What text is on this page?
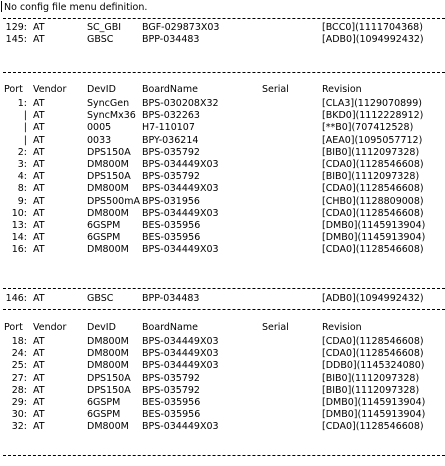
No config file menu definition.
129: AT	SC_GBI BGF-029873X03	[BCC0](1111704368)
145: AT	GBSC	BPP-034483	[ADB0](1094992432)
Port Vendor DevID	BoardName	Serial	Revision
1: AT	SyncGen BPS-030208X32	[CLA3](1129070899)
| AT	SyncMx36 BPS-032263	[BKD0](1112228912)
| AT	0005	H7-110107	[**B0](707412528)
| AT	0033	BPY-036214	[AEA0](1095057712)
2: AT	DPS150A BPS-035792	[BIB0](1112097328)
3: AT	DM800M BPS-034449X03	[CDA0](1128546608)
4: AT	DPS150A BPS-035792	[BIB0](1112097328)
8: AT	DM800M BPS-034449X03	[CDA0](1128546608)
9: AT	DPS500mA BPS-031956	[CHB0](1128809008)
10: AT	DM800M BPS-034449X03	[CDA0](1128546608)
13: AT	6GSPM BES-035956	[DMB0](1145913904)
14: AT	6GSPM BES-035956	[DMB0](1145913904)
16: AT	DM800M BPS-034449X03	[CDA0](1128546608)
146: AT	GBSC	BPP-034483	[ADB0](1094992432)
Port Vendor DevID	BoardName	Serial	Revision
18: AT	DM800M BPS-034449X03	[CDA0](1128546608)
24: AT	DM800M BPS-034449X03	[CDA0](1128546608)
25: AT	DM800M BPS-034449X03	[DDB0](1145324080)
27: AT	DPS150A BPS-035792	[BIB0](1112097328)
28: AT	DPS150A BPS-035792	[BIB0](1112097328)
29: AT	6GSPM BES-035956	[DMB0](1145913904)
30: AT	6GSPM BES-035956	[DMB0](1145913904)
32: AT	DM800M BPS-034449X03	[CDA0](1128546608)
